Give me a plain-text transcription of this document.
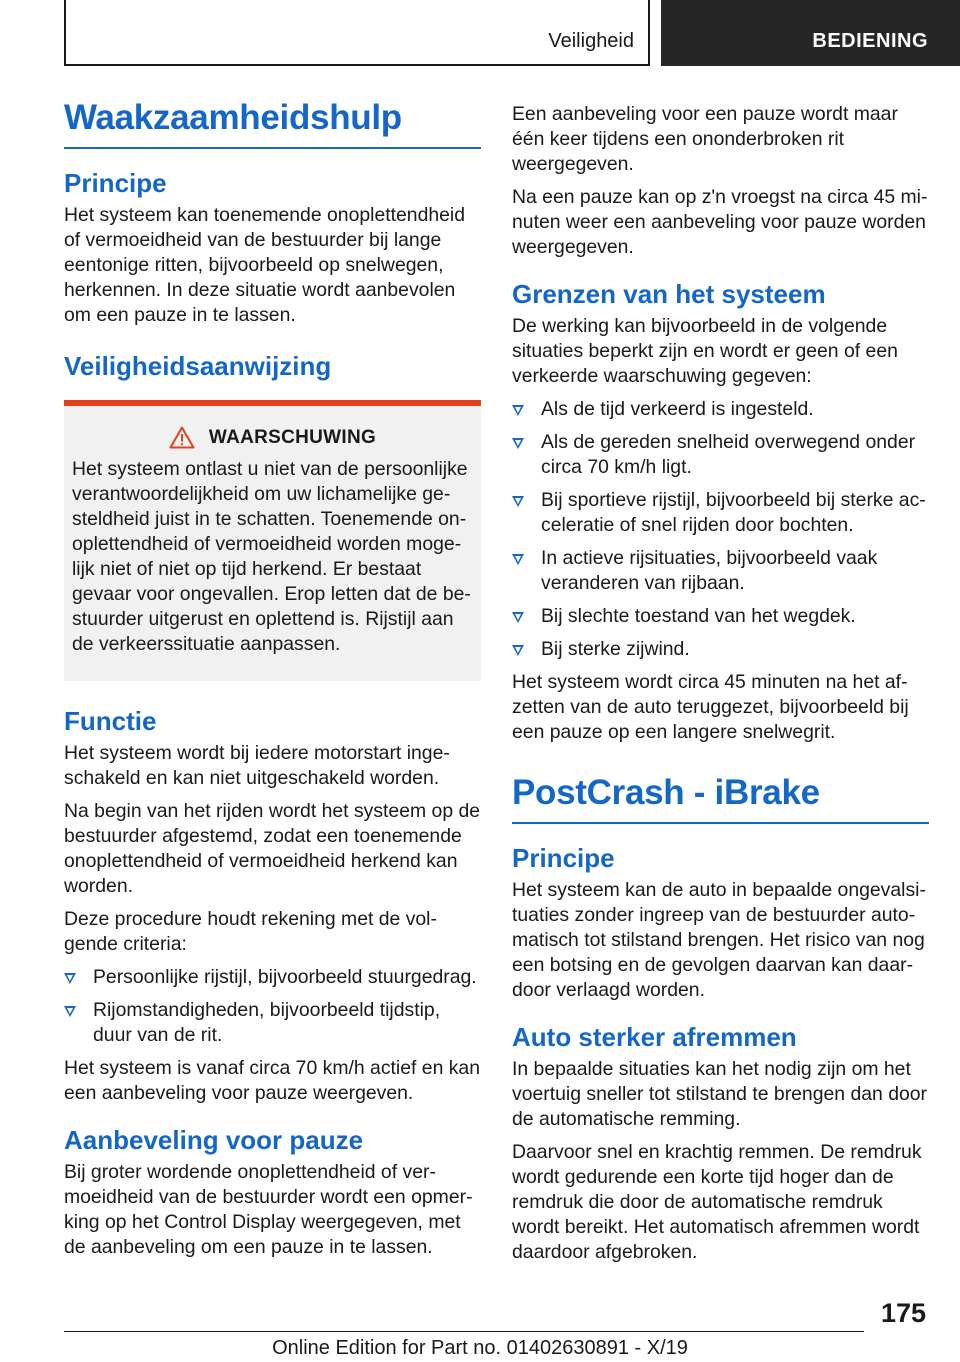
Veiligheid	BEDIENING
Waakzaamheidshulp
Principe

Het systeem kan toenemende onoplettendheid of vermoeidheid van de bestuurder bij lange eentonige ritten, bijvoorbeeld op snelwegen, herkennen. In deze situatie wordt aanbevolen om een pauze in te lassen.

Veiligheidsaanwijzing
WAARSCHUWING

Het systeem ontlast u niet van de persoonlijke verantwoordelijkheid om uw lichamelijke gesteldheid juist in te schatten. Toenemende onoplettendheid of vermoeidheid worden mogelijk niet of niet op tijd herkend. Er bestaat gevaar voor ongevallen. Erop letten dat de bestuurder uitgerust en oplettend is. Rijstijl aan de verkeerssituatie aanpassen.

Functie

Het systeem wordt bij iedere motorstart ingeschakeld en kan niet uitgeschakeld worden.

Na begin van het rijden wordt het systeem op de bestuurder afgestemd, zodat een toenemende onoplettendheid of vermoeidheid herkend kan worden.

Deze procedure houdt rekening met de volgende criteria:

Persoonlijke rijstijl, bijvoorbeeld stuurgedrag.
Rijomstandigheden, bijvoorbeeld tijdstip, duur van de rit.

Het systeem is vanaf circa 70 km/h actief en kan een aanbeveling voor pauze weergeven.

Aanbeveling voor pauze

Bij groter wordende onoplettendheid of vermoeidheid van de bestuurder wordt een opmerking op het Control Display weergegeven, met de aanbeveling om een pauze in te lassen.

Een aanbeveling voor een pauze wordt maar één keer tijdens een ononderbroken rit weergegeven.

Na een pauze kan op z'n vroegst na circa 45 minuten weer een aanbeveling voor pauze worden weergegeven.

Grenzen van het systeem

De werking kan bijvoorbeeld in de volgende situaties beperkt zijn en wordt er geen of een verkeerde waarschuwing gegeven:

Als de tijd verkeerd is ingesteld.
Als de gereden snelheid overwegend onder circa 70 km/h ligt.
Bij sportieve rijstijl, bijvoorbeeld bij sterke acceleratie of snel rijden door bochten.
In actieve rijsituaties, bijvoorbeeld vaak veranderen van rijbaan.
Bij slechte toestand van het wegdek.
Bij sterke zijwind.

Het systeem wordt circa 45 minuten na het afzetten van de auto teruggezet, bijvoorbeeld bij een pauze op een langere snelwegrit.

PostCrash - iBrake
Principe

Het systeem kan de auto in bepaalde ongevalsituaties zonder ingreep van de bestuurder automatisch tot stilstand brengen. Het risico van nog een botsing en de gevolgen daarvan kan daardoor verlaagd worden.

Auto sterker afremmen

In bepaalde situaties kan het nodig zijn om het voertuig sneller tot stilstand te brengen dan door de automatische remming.

Daarvoor snel en krachtig remmen. De remdruk wordt gedurende een korte tijd hoger dan de remdruk die door de automatische remdruk wordt bereikt. Het automatisch afremmen wordt daardoor afgebroken.

175
Online Edition for Part no. 01402630891 - X/19
